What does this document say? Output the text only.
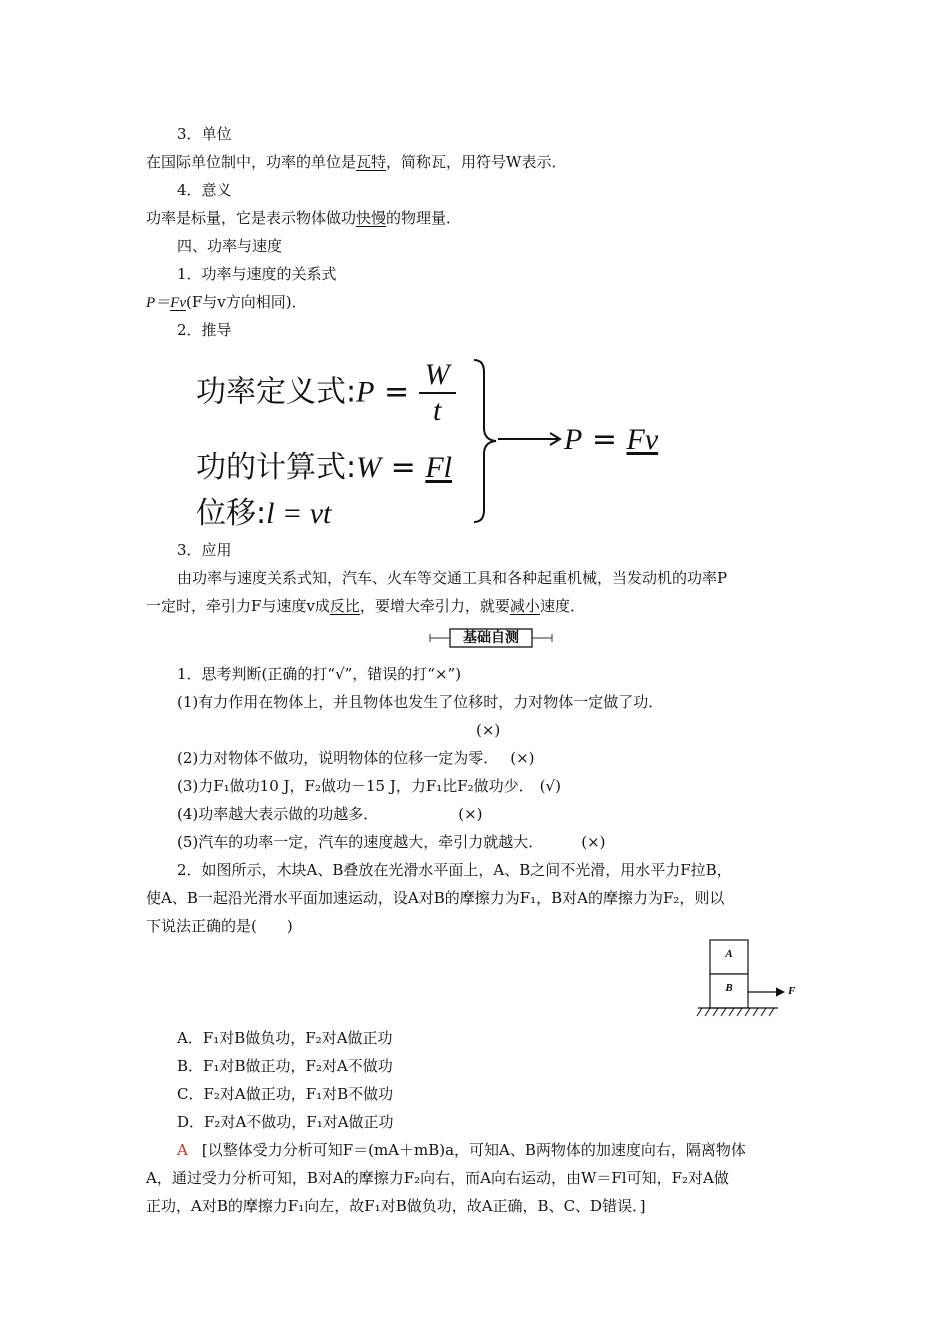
3．单位
在国际单位制中，功率的单位是瓦特，简称瓦，用符号W表示．
4．意义
功率是标量，它是表示物体做功快慢的物理量．
四、功率与速度
1．功率与速度的关系式
P＝Fv(F与v方向相同)．
2．推导
功率定义式:P = $\frac{W}{t}$
功的计算式:W = Fl
位移:l = vt
P = Fv
3．应用
由功率与速度关系式知，汽车、火车等交通工具和各种起重机械，当发动机的功率P
一定时，牵引力F与速度v成反比，要增大牵引力，就要减小速度．
基础自测
1．思考判断(正确的打“√”，错误的打“×”)
(1)有力作用在物体上，并且物体也发生了位移时，力对物体一定做了功．
(×)
(2)力对物体不做功，说明物体的位移一定为零． (×)
(3)力F₁做功10 J，F₂做功－15 J，力F₁比F₂做功少． (√)
(4)功率越大表示做的功越多．	(×)
(5)汽车的功率一定，汽车的速度越大，牵引力就越大．	(×)
2．如图所示，木块A、B叠放在光滑水平面上，A、B之间不光滑，用水平力F拉B，
使A、B一起沿光滑水平面加速运动，设A对B的摩擦力为F₁，B对A的摩擦力为F₂，则以
下说法正确的是(　　)
A
B	F
A．F₁对B做负功，F₂对A做正功
B．F₁对B做正功，F₂对A不做功
C．F₂对A做正功，F₁对B不做功
D．F₂对A不做功，F₁对A做正功
A [以整体受力分析可知F＝(mA＋mB)a，可知A、B两物体的加速度向右，隔离物体
A，通过受力分析可知，B对A的摩擦力F₂向右，而A向右运动，由W＝Fl可知，F₂对A做
正功，A对B的摩擦力F₁向左，故F₁对B做负功，故A正确，B、C、D错误．]
